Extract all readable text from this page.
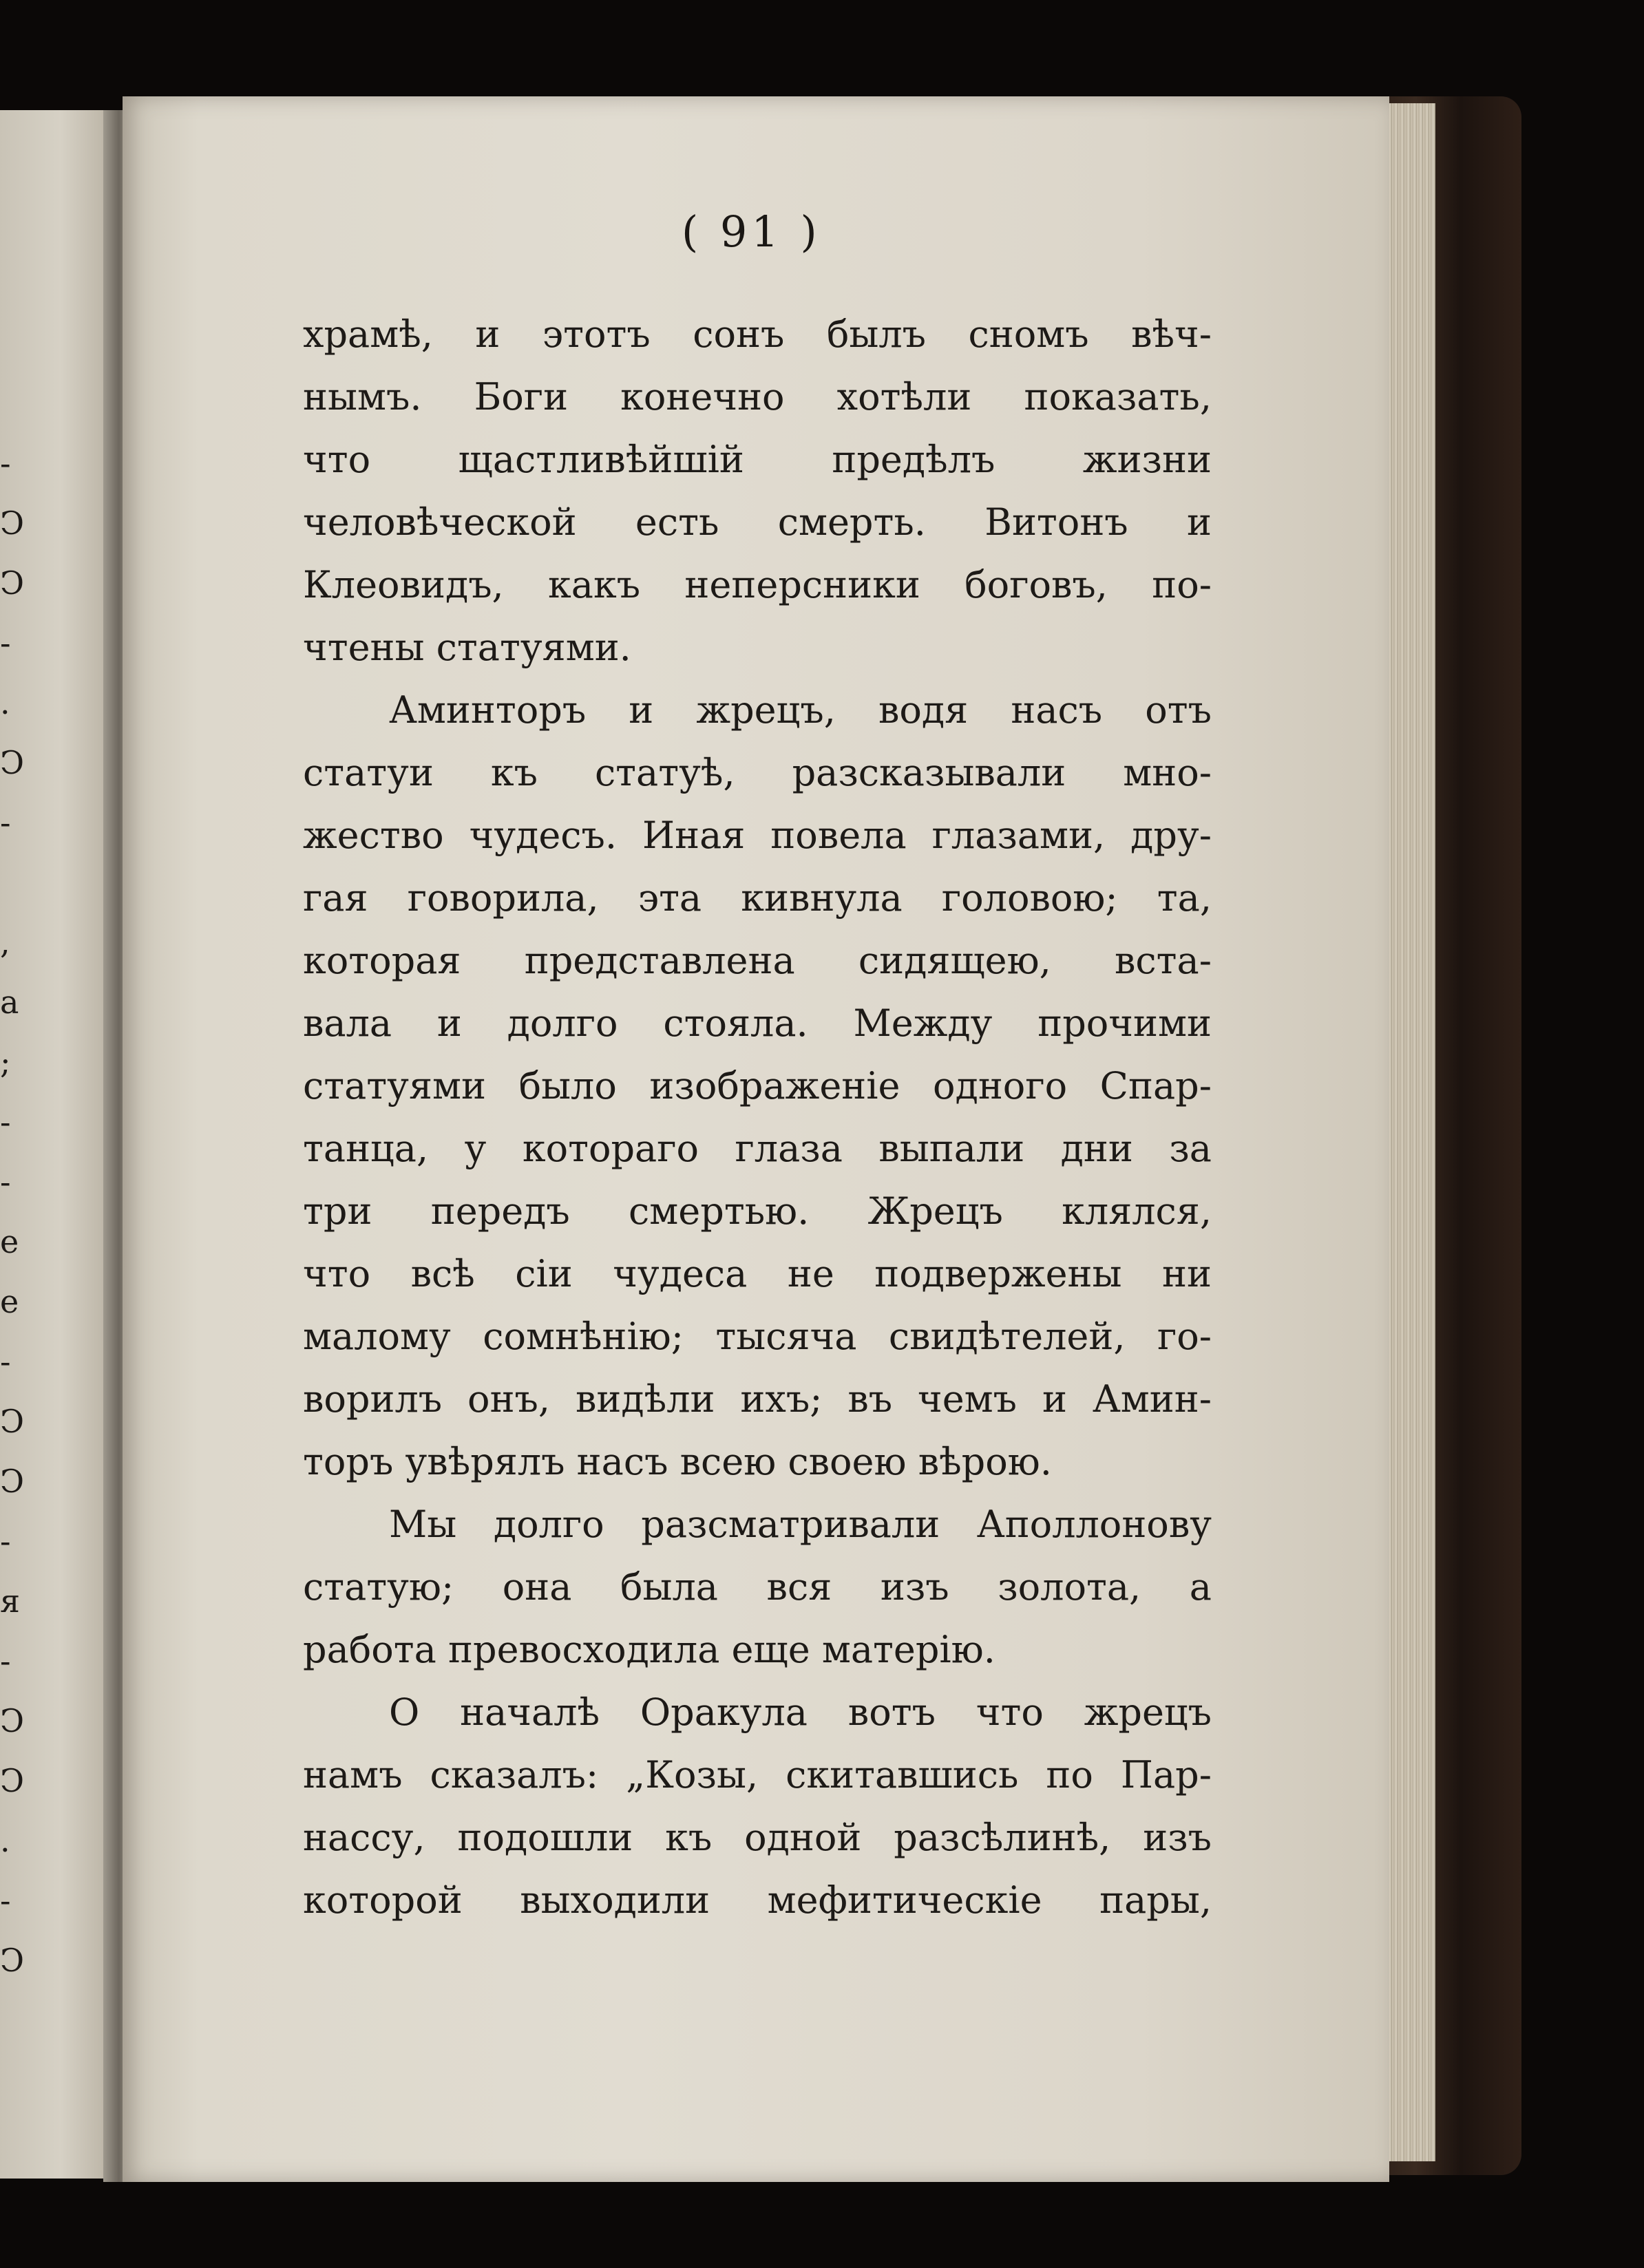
-
Ͻ
Ͻ
-
.
Ͻ
-
,
a
;
-
-
e
e
-
Ͻ
Ͻ
-
я
-
Ͻ
Ͻ
.
-
Ͻ
( 91 )
храмѣ, и этотъ сонъ былъ сномъ вѣч-
нымъ. Боги конечно хотѣли показать,
что щастливѣйшій предѣлъ жизни
человѣческой есть смерть. Витонъ и
Клеовидъ, какъ неперсники боговъ, по-
чтены статуями.
Аминторъ и жрецъ, водя насъ отъ
статуи къ статуѣ, разсказывали мно-
жество чудесъ. Иная повела глазами, дру-
гая говорила, эта кивнула головою; та,
которая представлена сидящею, вста-
вала и долго стояла. Между прочими
статуями было изображеніе одного Спар-
танца, у котораго глаза выпали дни за
три передъ смертью. Жрецъ клялся,
что всѣ сіи чудеса не подвержены ни
малому сомнѣнію; тысяча свидѣтелей, го-
ворилъ онъ, видѣли ихъ; въ чемъ и Амин-
торъ увѣрялъ насъ всею своею вѣрою.
Мы долго разсматривали Аполлонову
статую; она была вся изъ золота, а
работа превосходила еще матерію.
О началѣ Оракула вотъ что жрецъ
намъ сказалъ: „Козы, скитавшись по Пар-
нассу, подошли къ одной разсѣлинѣ, изъ
которой выходили мефитическіе пары,
